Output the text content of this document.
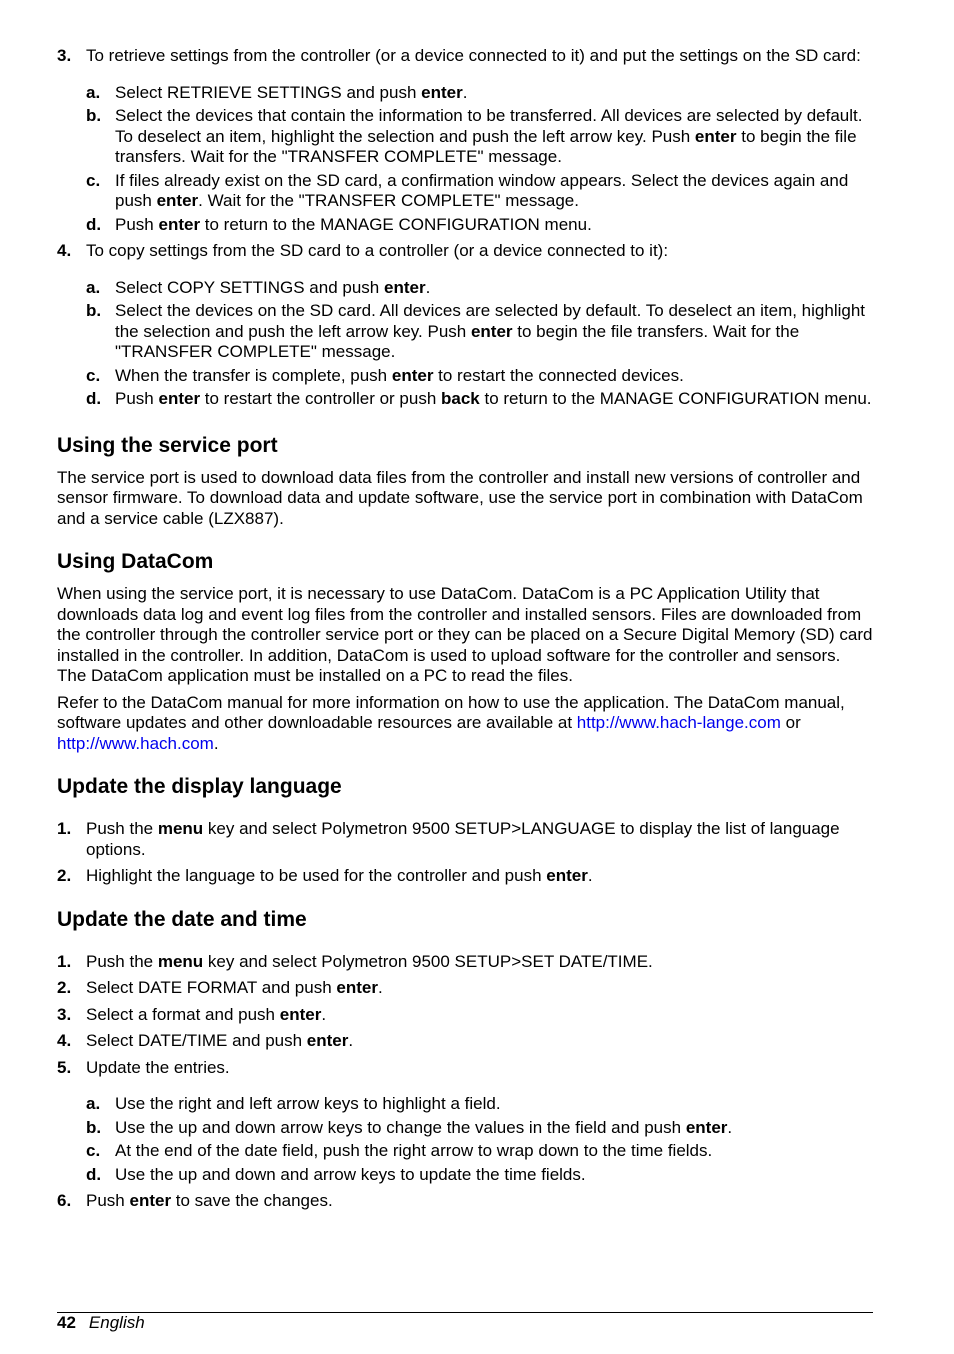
3. To retrieve settings from the controller (or a device connected to it) and put the settings on the SD card:
a. Select RETRIEVE SETTINGS and push enter.
b. Select the devices that contain the information to be transferred. All devices are selected by default. To deselect an item, highlight the selection and push the left arrow key. Push enter to begin the file transfers. Wait for the "TRANSFER COMPLETE" message.
c. If files already exist on the SD card, a confirmation window appears. Select the devices again and push enter. Wait for the "TRANSFER COMPLETE" message.
d. Push enter to return to the MANAGE CONFIGURATION menu.
4. To copy settings from the SD card to a controller (or a device connected to it):
a. Select COPY SETTINGS and push enter.
b. Select the devices on the SD card. All devices are selected by default. To deselect an item, highlight the selection and push the left arrow key. Push enter to begin the file transfers. Wait for the "TRANSFER COMPLETE" message.
c. When the transfer is complete, push enter to restart the connected devices.
d. Push enter to restart the controller or push back to return to the MANAGE CONFIGURATION menu.
Using the service port

The service port is used to download data files from the controller and install new versions of controller and sensor firmware. To download data and update software, use the service port in combination with DataCom and a service cable (LZX887).

Using DataCom

When using the service port, it is necessary to use DataCom. DataCom is a PC Application Utility that downloads data log and event log files from the controller and installed sensors. Files are downloaded from the controller through the controller service port or they can be placed on a Secure Digital Memory (SD) card installed in the controller. In addition, DataCom is used to upload software for the controller and sensors. The DataCom application must be installed on a PC to read the files.

Refer to the DataCom manual for more information on how to use the application. The DataCom manual, software updates and other downloadable resources are available at http://www.hach-lange.com or http://www.hach.com.

Update the display language
1. Push the menu key and select Polymetron 9500 SETUP>LANGUAGE to display the list of language options.
2. Highlight the language to be used for the controller and push enter.
Update the date and time
1. Push the menu key and select Polymetron 9500 SETUP>SET DATE/TIME.
2. Select DATE FORMAT and push enter.
3. Select a format and push enter.
4. Select DATE/TIME and push enter.
5. Update the entries.
a. Use the right and left arrow keys to highlight a field.
b. Use the up and down arrow keys to change the values in the field and push enter.
c. At the end of the date field, push the right arrow to wrap down to the time fields.
d. Use the up and down and arrow keys to update the time fields.
6. Push enter to save the changes.
42 English
